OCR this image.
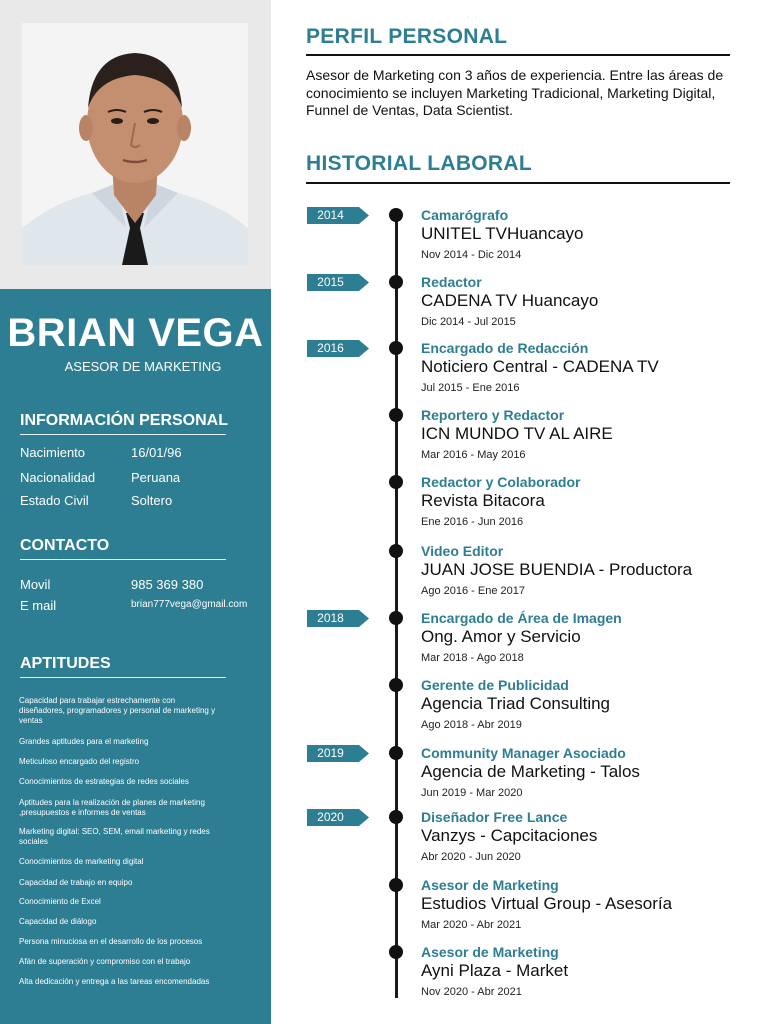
BRIAN VEGA
ASESOR DE MARKETING
INFORMACIÓN PERSONAL
Nacimiento	16/01/96
Nacionalidad	Peruana
Estado Civil	Soltero
CONTACTO
Movil	985 369 380
E mail	brian777vega@gmail.com
APTITUDES
Capacidad para trabajar estrechamente con diseñadores, programadores y personal de marketing y ventas
Grandes aptitudes para el marketing
Meticuloso encargado del registro
Conocimientos de estrategias de redes sociales
Aptitudes para la realización de planes de marketing ,presupuestos e informes de ventas
Marketing digital: SEO, SEM, email marketing y redes sociales
Conocimientos de marketing digital
Capacidad de trabajo en equipo
Conocimiento de Excel
Capacidad de diálogo
Persona minuciosa en el desarrollo de los procesos
Afán de superación y compromiso con el trabajo
Alta dedicación y entrega a las tareas encomendadas
PERFIL PERSONAL
Asesor de Marketing con 3 años de experiencia. Entre las áreas de conocimiento se incluyen Marketing Tradicional, Marketing Digital, Funnel de Ventas, Data Scientist.
HISTORIAL LABORAL
2014	Camarógrafo
UNITEL TVHuancayo
Nov 2014 - Dic 2014
2015	Redactor
CADENA TV Huancayo
Dic 2014 - Jul 2015
2016	Encargado de Redacción
Noticiero Central - CADENA TV
Jul 2015 - Ene 2016
Reportero y Redactor
ICN MUNDO TV AL AIRE
Mar 2016 - May 2016
Redactor y Colaborador
Revista Bitacora
Ene 2016 - Jun 2016
Video Editor
JUAN JOSE BUENDIA - Productora
Ago 2016 - Ene 2017
2018	Encargado de Área de Imagen
Ong. Amor y Servicio
Mar 2018 - Ago 2018
Gerente de Publicidad
Agencia Triad Consulting
Ago 2018 - Abr 2019
2019	Community Manager Asociado
Agencia de Marketing - Talos
Jun 2019 - Mar 2020
2020	Diseñador Free Lance
Vanzys - Capcitaciones
Abr 2020 - Jun 2020
Asesor de Marketing
Estudios Virtual Group - Asesoría
Mar 2020 - Abr 2021
Asesor de Marketing
Ayni Plaza - Market
Nov 2020 - Abr 2021
